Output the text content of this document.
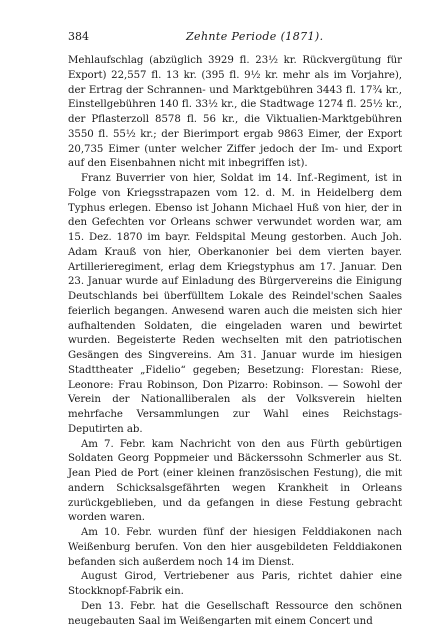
384	Zehnte Periode (1871).

Mehlaufschlag (abzüglich 3929 fl. 23½ kr. Rückvergütung für Export) 22,557 fl. 13 kr. (395 fl. 9½ kr. mehr als im Vorjahre), der Ertrag der Schrannen- und Marktgebühren 3443 fl. 17¾ kr., Einstellgebühren 140 fl. 33½ kr., die Stadtwage 1274 fl. 25½ kr., der Pflasterzoll 8578 fl. 56 kr., die Viktualien-Marktgebühren 3550 fl. 55½ kr.; der Bierimport ergab 9863 Eimer, der Export 20,735 Eimer (unter welcher Ziffer jedoch der Im- und Export auf den Eisenbahnen nicht mit inbegriffen ist).

Franz Buverrier von hier, Soldat im 14. Inf.-Regiment, ist in Folge von Kriegsstrapazen vom 12. d. M. in Heidelberg dem Typhus erlegen. Ebenso ist Johann Michael Huß von hier, der in den Gefechten vor Orleans schwer verwundet worden war, am 15. Dez. 1870 im bayr. Feldspital Meung gestorben. Auch Joh. Adam Krauß von hier, Oberkanonier bei dem vierten bayer. Artillerieregiment, erlag dem Kriegstyphus am 17. Januar. Den 23. Januar wurde auf Einladung des Bürgervereins die Einigung Deutschlands bei überfülltem Lokale des Reindel'schen Saales feierlich begangen. Anwesend waren auch die meisten sich hier aufhaltenden Soldaten, die eingeladen waren und bewirtet wurden. Begeisterte Reden wechselten mit den patriotischen Gesängen des Singvereins. Am 31. Januar wurde im hiesigen Stadttheater „Fidelio“ gegeben; Besetzung: Florestan: Riese, Leonore: Frau Robinson, Don Pizarro: Robinson. — Sowohl der Verein der Nationalliberalen als der Volksverein hielten mehrfache Versammlungen zur Wahl eines Reichstags-Deputirten ab.

Am 7. Febr. kam Nachricht von den aus Fürth gebürtigen Soldaten Georg Poppmeier und Bäckerssohn Schmerler aus St. Jean Pied de Port (einer kleinen französischen Festung), die mit andern Schicksalsgefährten wegen Krankheit in Orleans zurückgeblieben, und da gefangen in diese Festung gebracht worden waren.

Am 10. Febr. wurden fünf der hiesigen Felddiakonen nach Weißenburg berufen. Von den hier ausgebildeten Felddiakonen befanden sich außerdem noch 14 im Dienst.

August Girod, Vertriebener aus Paris, richtet dahier eine Stockknopf-Fabrik ein.

Den 13. Febr. hat die Gesellschaft Ressource den schönen neugebauten Saal im Weißengarten mit einem Concert und
